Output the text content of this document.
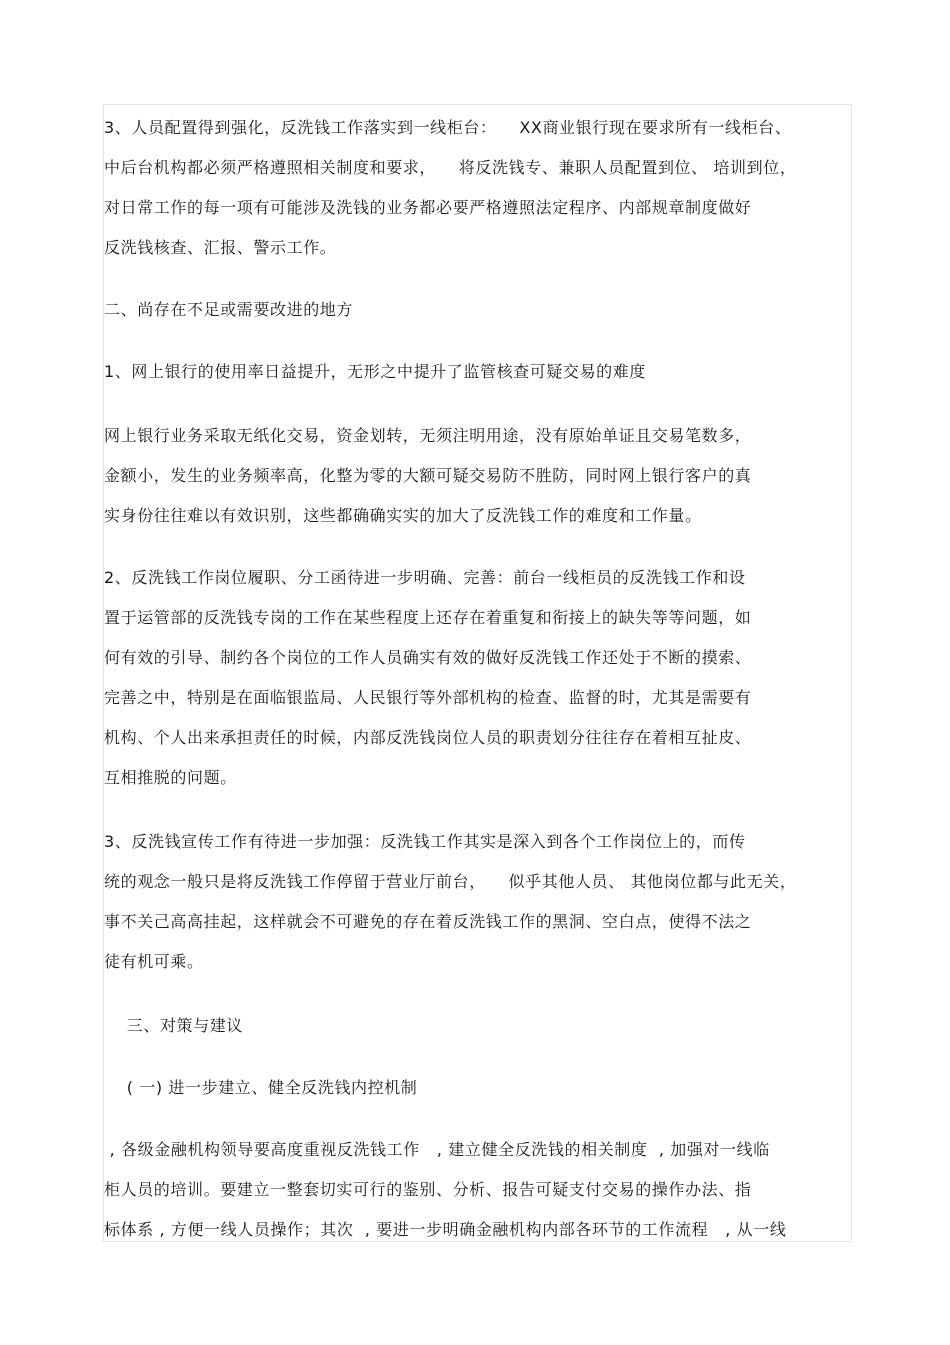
3、人员配置得到强化，反洗钱工作落实到一线柜台：    XX商业银行现在要求所有一线柜台、
中后台机构都必须严格遵照相关制度和要求，    将反洗钱专、兼职人员配置到位、 培训到位，
对日常工作的每一项有可能涉及洗钱的业务都必要严格遵照法定程序、内部规章制度做好
反洗钱核查、汇报、警示工作。
二、尚存在不足或需要改进的地方
1、网上银行的使用率日益提升，无形之中提升了监管核查可疑交易的难度
网上银行业务采取无纸化交易，资金划转，无须注明用途，没有原始单证且交易笔数多，
金额小，发生的业务频率高，化整为零的大额可疑交易防不胜防，同时网上银行客户的真
实身份往往难以有效识别，这些都确确实实的加大了反洗钱工作的难度和工作量。
2、反洗钱工作岗位履职、分工函待进一步明确、完善：前台一线柜员的反洗钱工作和设
置于运管部的反洗钱专岗的工作在某些程度上还存在着重复和衔接上的缺失等等问题，如
何有效的引导、制约各个岗位的工作人员确实有效的做好反洗钱工作还处于不断的摸索、
完善之中，特别是在面临银监局、人民银行等外部机构的检查、监督的时，尤其是需要有
机构、个人出来承担责任的时候，内部反洗钱岗位人员的职责划分往往存在着相互扯皮、
互相推脱的问题。
3、反洗钱宣传工作有待进一步加强：反洗钱工作其实是深入到各个工作岗位上的，而传
统的观念一般只是将反洗钱工作停留于营业厅前台，    似乎其他人员、 其他岗位都与此无关，
事不关己高高挂起，这样就会不可避免的存在着反洗钱工作的黑洞、空白点，使得不法之
徒有机可乘。
三、对策与建议
( 一) 进一步建立、健全反洗钱内控机制
, 各级金融机构领导要高度重视反洗钱工作   , 建立健全反洗钱的相关制度  , 加强对一线临
柜人员的培训。要建立一整套切实可行的鉴别、分析、报告可疑支付交易的操作办法、指
标体系 , 方便一线人员操作；其次  , 要进一步明确金融机构内部各环节的工作流程   , 从一线
